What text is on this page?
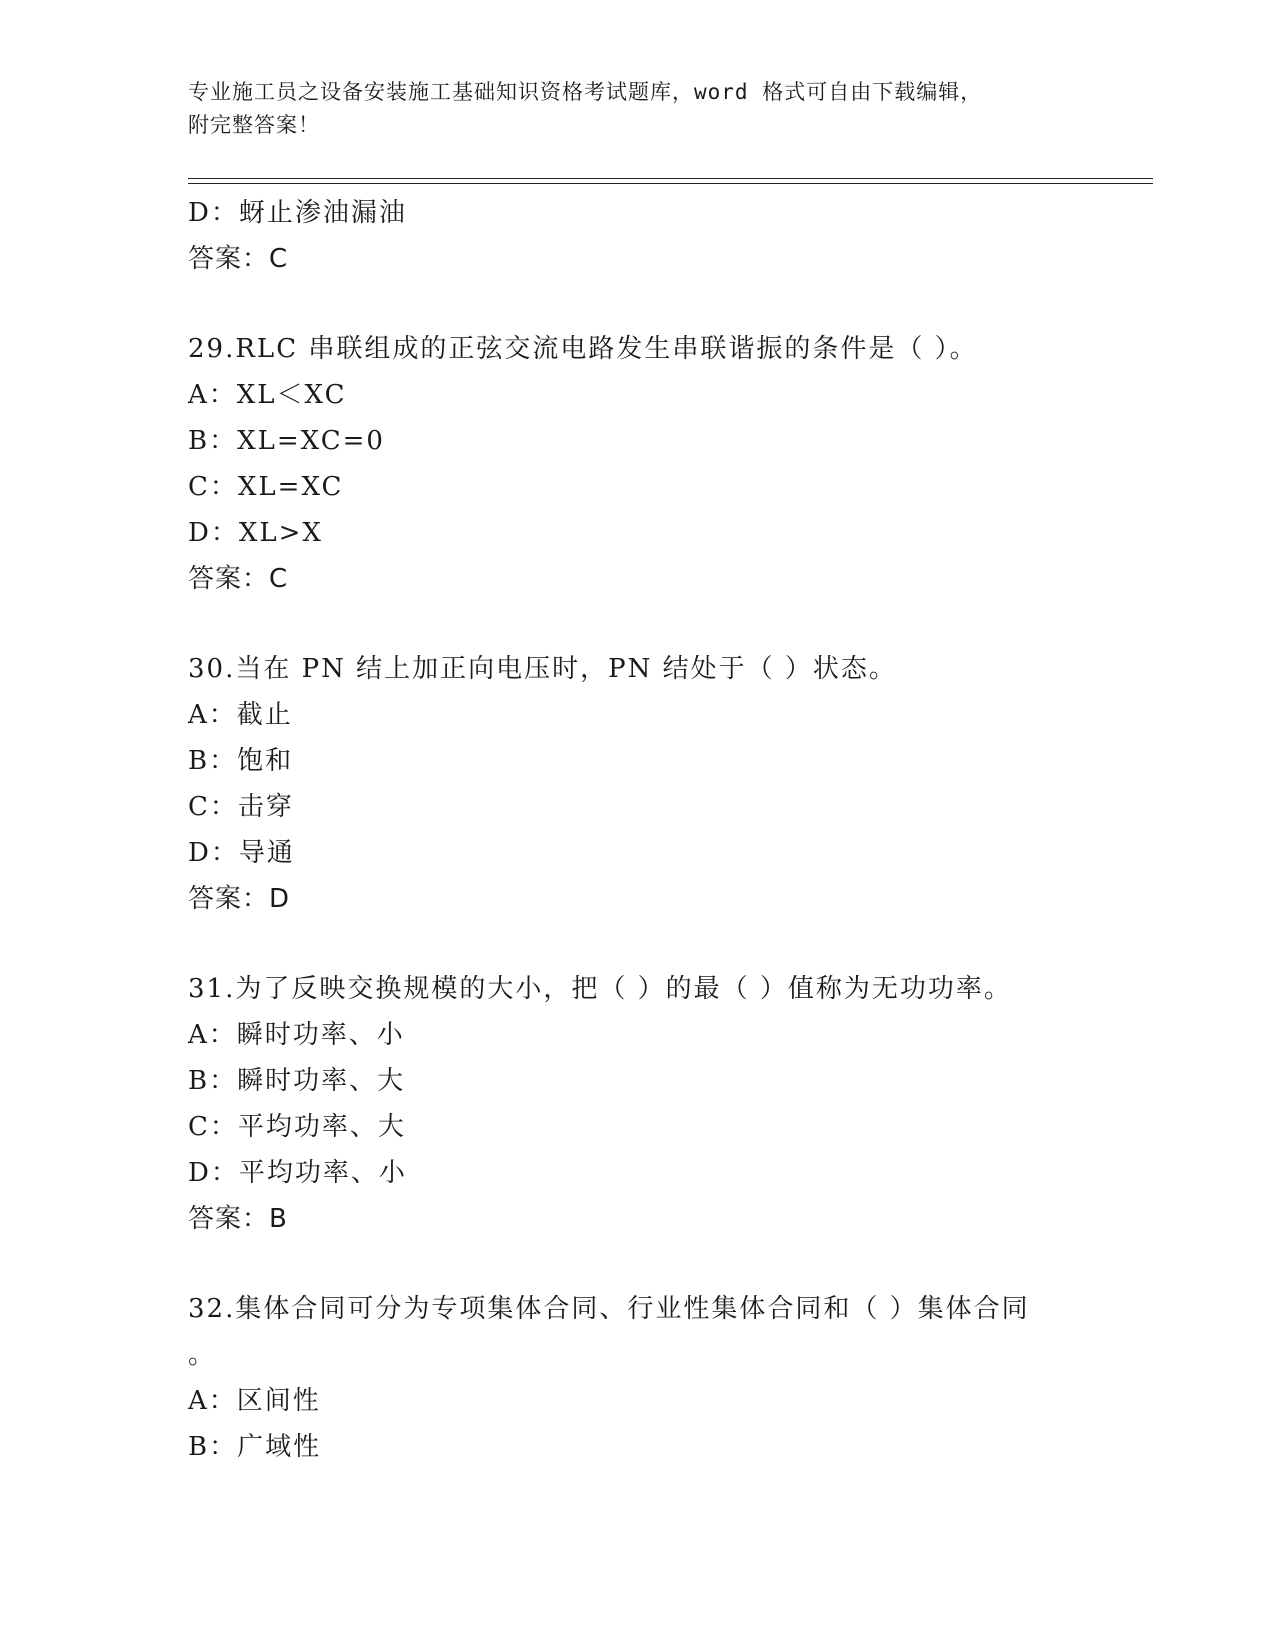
专业施工员之设备安装施工基础知识资格考试题库，word 格式可自由下载编辑，
附完整答案！
D：蚜止渗油漏油
答案：C
29.RLC 串联组成的正弦交流电路发生串联谐振的条件是（ ）。
A：XL＜XC
B：XL=XC=0
C：XL=XC
D：XL>X
答案：C
30.当在 PN 结上加正向电压时，PN 结处于（ ）状态。
A：截止
B：饱和
C：击穿
D：导通
答案：D
31.为了反映交换规模的大小，把（ ）的最（ ）值称为无功功率。
A：瞬时功率、小
B：瞬时功率、大
C：平均功率、大
D：平均功率、小
答案：B
32.集体合同可分为专项集体合同、行业性集体合同和（ ）集体合同
。
A：区间性
B：广域性
